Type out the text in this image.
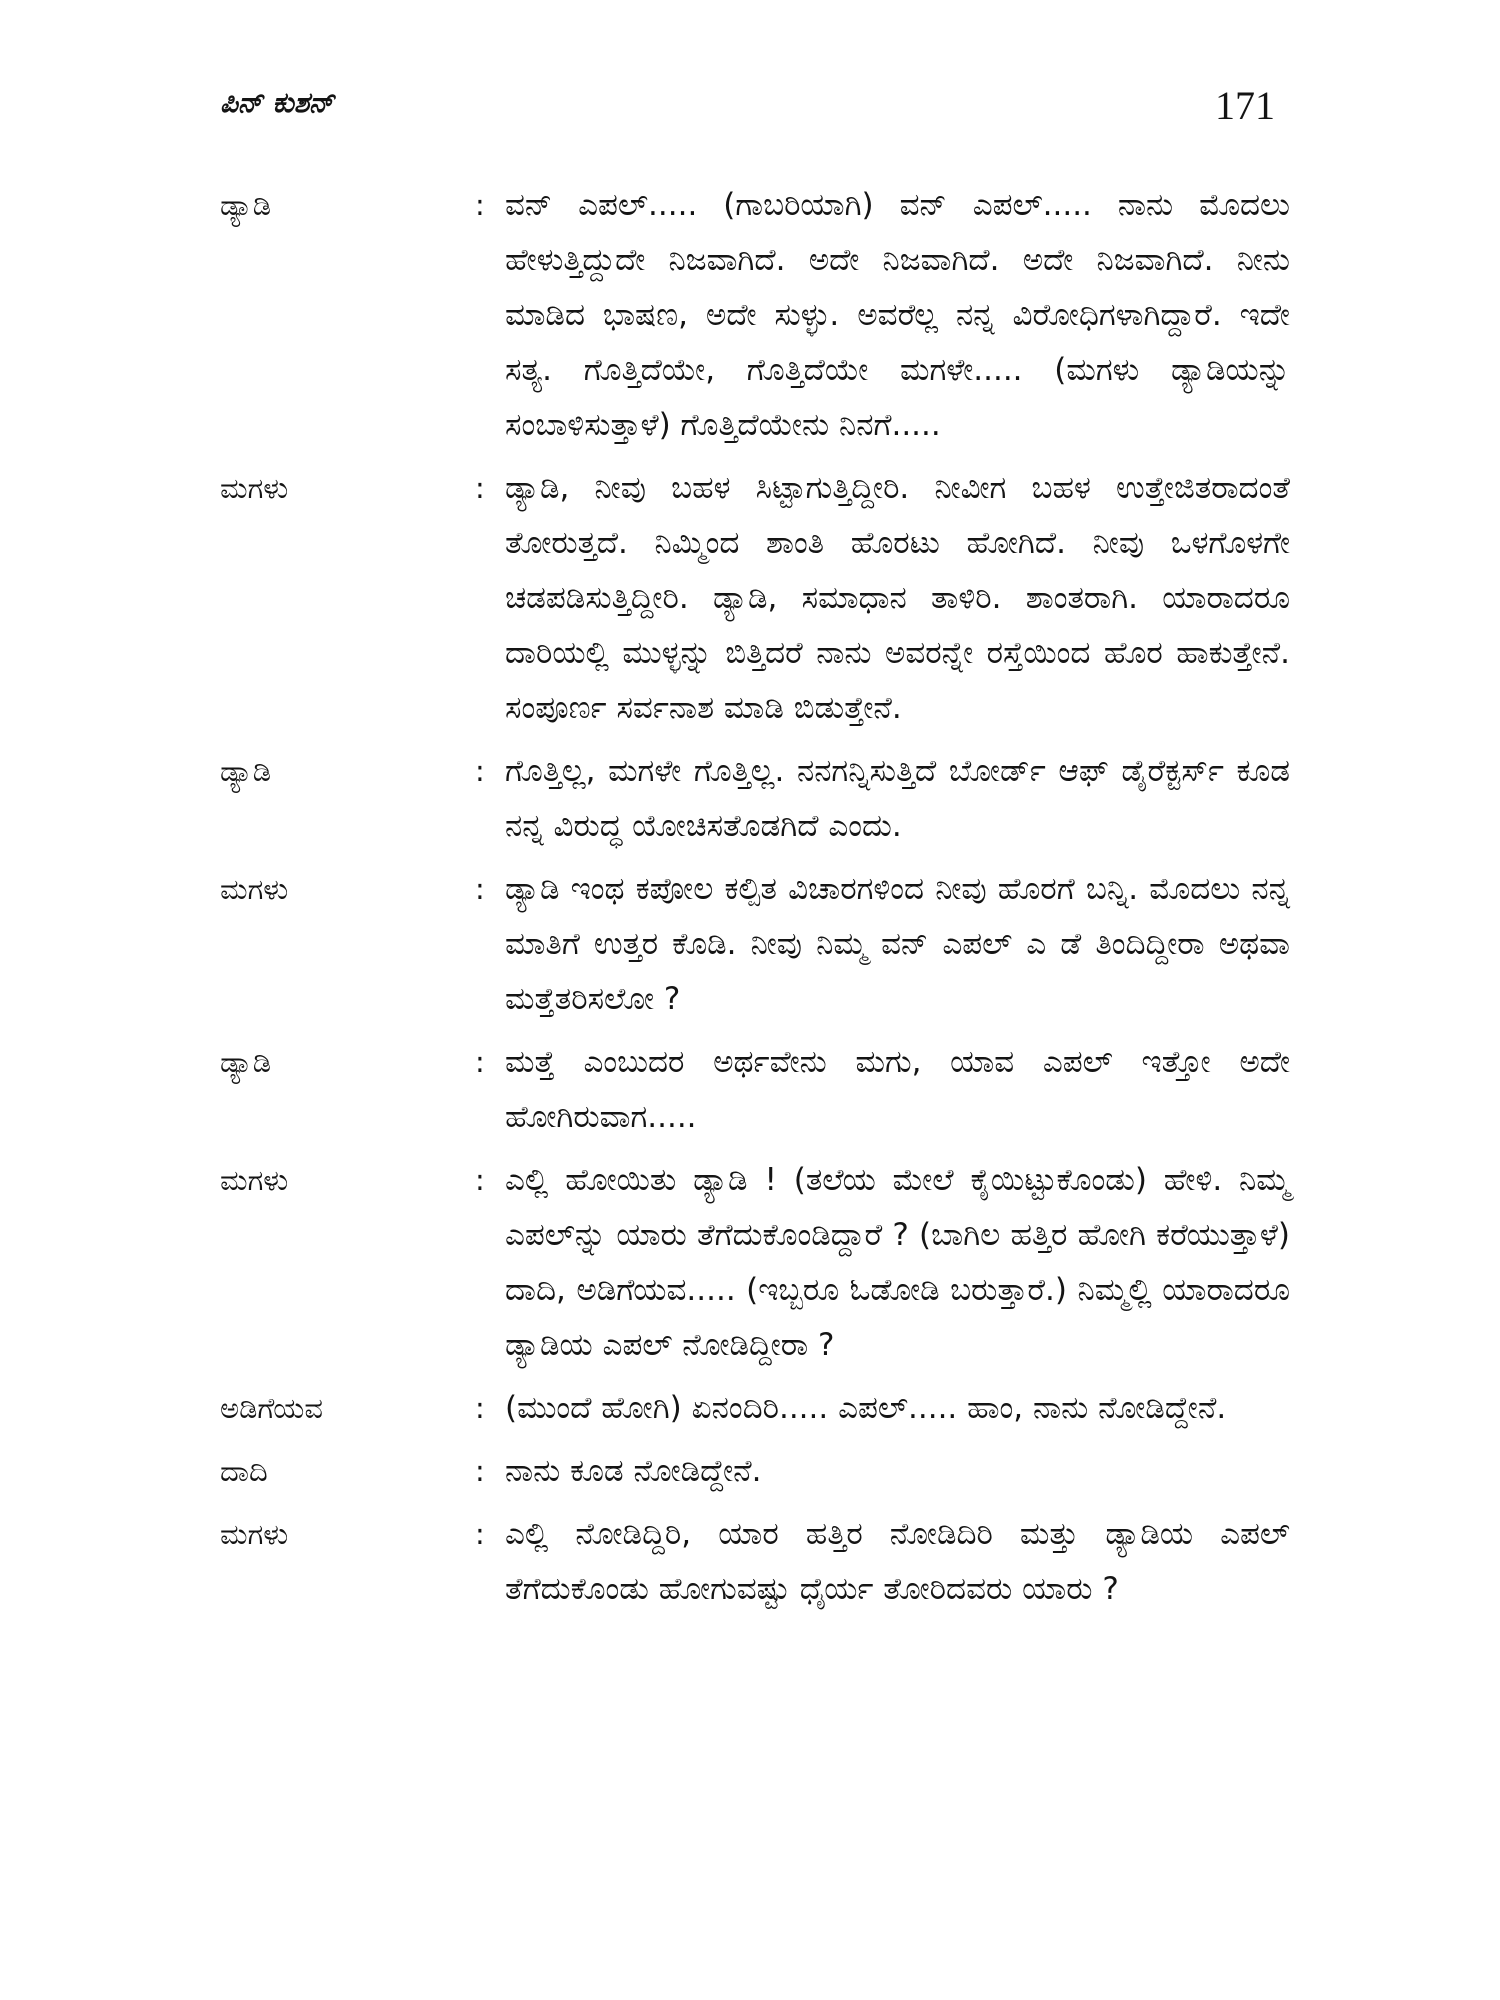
ಪಿನ್ ಕುಶನ್	171
ಡ್ಯಾಡಿ	: ವನ್ ಎಪಲ್..... (ಗಾಬರಿಯಾಗಿ) ವನ್ ಎಪಲ್..... ನಾನು ಮೊದಲು ಹೇಳುತ್ತಿದ್ದುದೇ ನಿಜವಾಗಿದೆ. ಅದೇ ನಿಜವಾಗಿದೆ. ಅದೇ ನಿಜವಾಗಿದೆ. ನೀನು ಮಾಡಿದ ಭಾಷಣ, ಅದೇ ಸುಳ್ಳು. ಅವರೆಲ್ಲ ನನ್ನ ವಿರೋಧಿಗಳಾಗಿದ್ದಾರೆ. ಇದೇ ಸತ್ಯ. ಗೊತ್ತಿದೆಯೇ, ಗೊತ್ತಿದೆಯೇ ಮಗಳೇ..... (ಮಗಳು ಡ್ಯಾಡಿಯನ್ನು ಸಂಬಾಳಿಸುತ್ತಾಳೆ) ಗೊತ್ತಿದೆಯೇನು ನಿನಗೆ.....
ಮಗಳು	: ಡ್ಯಾಡಿ, ನೀವು ಬಹಳ ಸಿಟ್ಟಾಗುತ್ತಿದ್ದೀರಿ. ನೀವೀಗ ಬಹಳ ಉತ್ತೇಜಿತರಾದಂತೆ ತೋರುತ್ತದೆ. ನಿಮ್ಮಿಂದ ಶಾಂತಿ ಹೊರಟು ಹೋಗಿದೆ. ನೀವು ಒಳಗೊಳಗೇ ಚಡಪಡಿಸುತ್ತಿದ್ದೀರಿ. ಡ್ಯಾಡಿ, ಸಮಾಧಾನ ತಾಳಿರಿ. ಶಾಂತರಾಗಿ. ಯಾರಾದರೂ ದಾರಿಯಲ್ಲಿ ಮುಳ್ಳನ್ನು ಬಿತ್ತಿದರೆ ನಾನು ಅವರನ್ನೇ ರಸ್ತೆಯಿಂದ ಹೊರ ಹಾಕುತ್ತೇನೆ. ಸಂಪೂರ್ಣ ಸರ್ವನಾಶ ಮಾಡಿ ಬಿಡುತ್ತೇನೆ.
ಡ್ಯಾಡಿ	: ಗೊತ್ತಿಲ್ಲ, ಮಗಳೇ ಗೊತ್ತಿಲ್ಲ. ನನಗನ್ನಿಸುತ್ತಿದೆ ಬೋರ್ಡ್ ಆಫ್ ಡೈರೆಕ್ಟರ್ಸ್ ಕೂಡ ನನ್ನ ವಿರುದ್ಧ ಯೋಚಿಸತೊಡಗಿದೆ ಎಂದು.
ಮಗಳು	: ಡ್ಯಾಡಿ ಇಂಥ ಕಪೋಲ ಕಲ್ಪಿತ ವಿಚಾರಗಳಿಂದ ನೀವು ಹೊರಗೆ ಬನ್ನಿ. ಮೊದಲು ನನ್ನ ಮಾತಿಗೆ ಉತ್ತರ ಕೊಡಿ. ನೀವು ನಿಮ್ಮ ವನ್ ಎಪಲ್ ಎ ಡೆ ತಿಂದಿದ್ದೀರಾ ಅಥವಾ ಮತ್ತೆತರಿಸಲೋ ?
ಡ್ಯಾಡಿ	: ಮತ್ತೆ ಎಂಬುದರ ಅರ್ಥವೇನು ಮಗು, ಯಾವ ಎಪಲ್ ಇತ್ತೋ ಅದೇ ಹೋಗಿರುವಾಗ.....
ಮಗಳು	: ಎಲ್ಲಿ ಹೋಯಿತು ಡ್ಯಾಡಿ ! (ತಲೆಯ ಮೇಲೆ ಕೈಯಿಟ್ಟುಕೊಂಡು) ಹೇಳಿ. ನಿಮ್ಮ ಎಪಲ್‌ನ್ನು ಯಾರು ತೆಗೆದುಕೊಂಡಿದ್ದಾರೆ ? (ಬಾಗಿಲ ಹತ್ತಿರ ಹೋಗಿ ಕರೆಯುತ್ತಾಳೆ) ದಾದಿ, ಅಡಿಗೆಯವ..... (ಇಬ್ಬರೂ ಓಡೋಡಿ ಬರುತ್ತಾರೆ.) ನಿಮ್ಮಲ್ಲಿ ಯಾರಾದರೂ ಡ್ಯಾಡಿಯ ಎಪಲ್ ನೋಡಿದ್ದೀರಾ ?
ಅಡಿಗೆಯವ	: (ಮುಂದೆ ಹೋಗಿ) ಏನಂದಿರಿ..... ಎಪಲ್..... ಹಾಂ, ನಾನು ನೋಡಿದ್ದೇನೆ.
ದಾದಿ	: ನಾನು ಕೂಡ ನೋಡಿದ್ದೇನೆ.
ಮಗಳು	: ಎಲ್ಲಿ ನೋಡಿದ್ದಿರಿ, ಯಾರ ಹತ್ತಿರ ನೋಡಿದಿರಿ ಮತ್ತು ಡ್ಯಾಡಿಯ ಎಪಲ್ ತೆಗೆದುಕೊಂಡು ಹೋಗುವಷ್ಟು ಧೈರ್ಯ ತೋರಿದವರು ಯಾರು ?
